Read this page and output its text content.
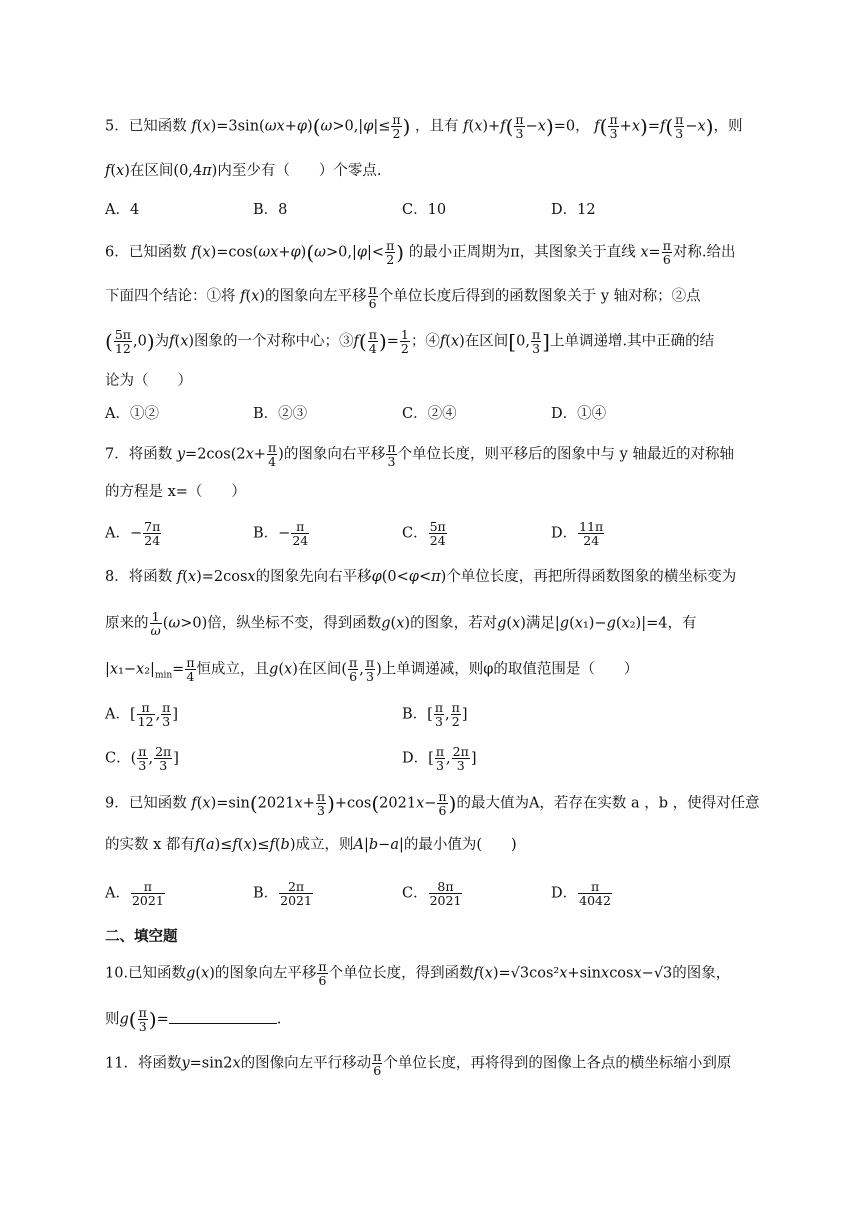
5．已知函数 $f(x)=3\sin(\omega x+\varphi)(\omega>0,|\varphi|\le \frac{\pi}{2}$ ) ，且有 $f(x)+f( \frac{\pi}{3} -x)=0$， $f( \frac{\pi}{3} +x)=f( \frac{\pi}{3} -x)$，则
f(x)在区间(0,4π)内至少有（　　）个零点.
A．4	B．8	C．10	D．12
6．已知函数 $f(x)=\cos(\omega x+\varphi)(\omega>0,|\varphi|< \frac{\pi}{2}$ ) 的最小正周期为π，其图象关于直线 $x= \frac{\pi}{6}$ 对称.给出
下面四个结论：①将 f(x)的图象向左平移 $\frac{\pi}{6}$ 个单位长度后得到的函数图象关于 y 轴对称；②点
( $\frac{5\pi}{12} ,0$)为f(x)图象的一个对称中心；③f( $\frac{\pi}{4}$ )= $\frac{1}{2}$ ；④f(x)在区间[0, $\frac{\pi}{3}$ ]上单调递增.其中正确的结
论为（　　）
A．①②	B．②③	C．②④	D．①④
7．将函数 $y=2\cos(2x+ \frac{\pi}{4}$ )的图象向右平移 $\frac{\pi}{3}$ 个单位长度，则平移后的图象中与 y 轴最近的对称轴
的方程是 x=（　　）
A．− $\frac{7\pi}{24}$	B．− $\frac{\pi}{24}$	C． $\frac{5\pi}{24}$	D． $\frac{11\pi}{24}$
8．将函数 f(x)=2cosx的图象先向右平移φ(0<φ<π)个单位长度，再把所得函数图象的横坐标变为
原来的 $\frac{1}{\omega} (\omega>0)$倍，纵坐标不变，得到函数g(x)的图象，若对g(x)满足|g(x₁)−g(x₂)|=4，有
$|x_1-x_2|_{min}= \frac{\pi}{4}$ 恒成立，且g(x)在区间( $\frac{\pi}{6}$ , $\frac{\pi}{3}$ )上单调递减，则φ的取值范围是（　　）
A．[ $\frac{\pi}{12}$ , $\frac{\pi}{3}$ ]	B．[ $\frac{\pi}{3}$ , $\frac{\pi}{2}$ ]
C．( $\frac{\pi}{3}$ , $\frac{2\pi}{3}$ ]	D．[ $\frac{\pi}{3}$ , $\frac{2\pi}{3}$ ]
9．已知函数 $f(x)=\sin(2021x+ \frac{\pi}{3} )+\cos(2021x- \frac{\pi}{6}$ )的最大值为A，若存在实数 a ，b ，使得对任意
的实数 x 都有f(a)≤f(x)≤f(b)成立，则A|b−a|的最小值为(　　)
A． $\frac{\pi}{2021}$	B． $\frac{2\pi}{2021}$	C． $\frac{8\pi}{2021}$	D． $\frac{\pi}{4042}$
二、填空题
10.已知函数g(x)的图象向左平移 $\frac{\pi}{6}$ 个单位长度，得到函数f(x)=√3cos²x+sinxcosx−√3的图象，
则$g( \frac{\pi}{3}$ )=	.
11．将函数y=sin2x的图像向左平行移动 $\frac{\pi}{6}$ 个单位长度，再将得到的图像上各点的横坐标缩小到原
